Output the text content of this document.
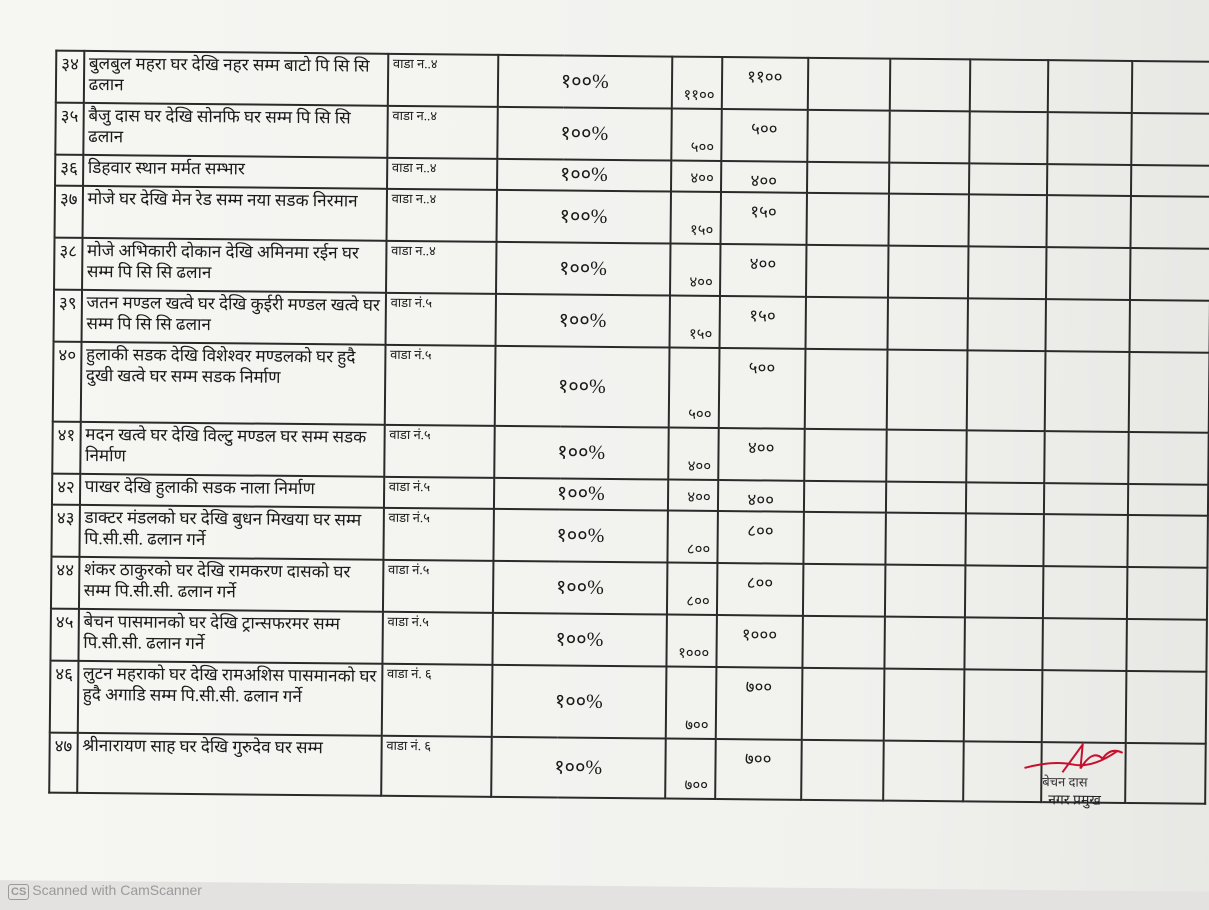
३४	बुलबुल महरा घर देखि नहर सम्म बाटो पि सि सि ढलान	वाडा न..४	१००%	११००	११००					
३५	बैजु दास घर देखि सोनफि घर सम्म पि सि सि ढलान	वाडा न..४	१००%	५००	५००					
३६	डिहवार स्थान मर्मत सम्भार	वाडा न..४	१००%	४००	४००					
३७	मोजे घर देखि मेन रेड सम्म नया सडक निरमान	वाडा न..४	१००%	१५०	१५०					
३८	मोजे अभिकारी दोकान देखि अमिनमा रईन घर सम्म पि सि सि ढलान	वाडा न..४	१००%	४००	४००					
३९	जतन मण्डल खत्वे घर देखि कुईरी मण्डल खत्वे घर सम्म पि सि सि ढलान	वाडा नं.५	१००%	१५०	१५०					
४०	हुलाकी सडक देखि विशेश्वर मण्डलको घर हुदै दुखी खत्वे घर सम्म सडक निर्माण	वाडा नं.५	१००%	५००	५००					
४१	मदन खत्वे घर देखि विल्टु मण्डल घर सम्म सडक निर्माण	वाडा नं.५	१००%	४००	४००					
४२	पाखर देखि हुलाकी सडक नाला निर्माण	वाडा नं.५	१००%	४००	४००					
४३	डाक्टर मंडलको घर देखि बुधन मिखया घर सम्म पि.सी.सी. ढलान गर्ने	वाडा नं.५	१००%	८००	८००					
४४	शंकर ठाकुरको घर देखि रामकरण दासको घर सम्म पि.सी.सी. ढलान गर्ने	वाडा नं.५	१००%	८००	८००					
४५	बेचन पासमानको घर देखि ट्रान्सफरमर सम्म पि.सी.सी. ढलान गर्ने	वाडा नं.५	१००%	१०००	१०००					
४६	लुटन महराको घर देखि रामअशिस पासमानको घर हुदै अगाडि सम्म पि.सी.सी. ढलान गर्ने	वाडा नं. ६	१००%	७००	७००					
४७	श्रीनारायण साह घर देखि गुरुदेव घर सम्म	वाडा नं. ६	१००%	७००	७००					
बेचन दास
नगर प्रमुख
CS Scanned with CamScanner
